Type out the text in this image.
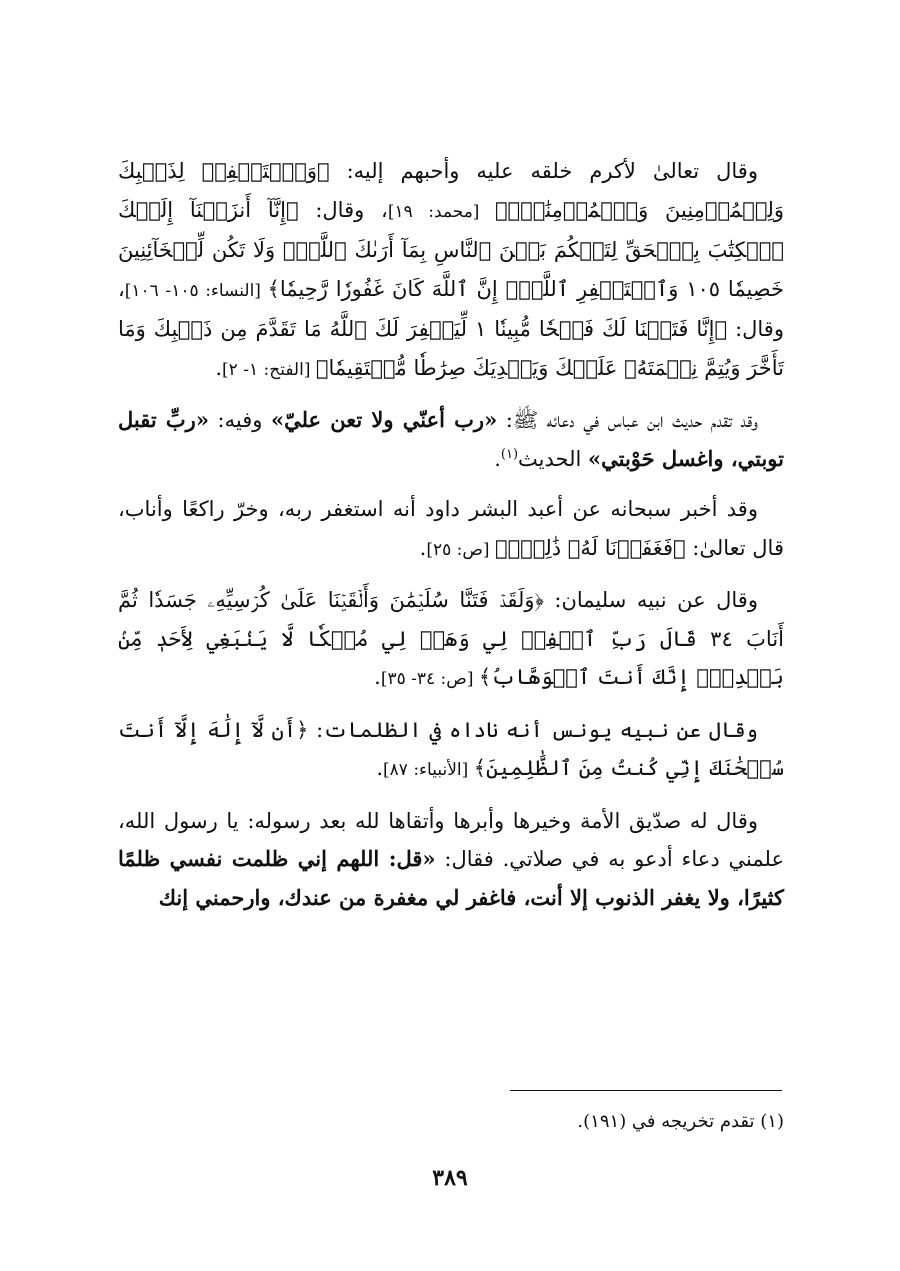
وقال تعالىٰ لأكرم خلقه عليه وأحبهم إليه: ﴿وَٱسۡتَغۡفِرۡ لِذَنۢبِكَ وَلِلۡمُؤۡمِنِينَ وَٱلۡمُؤۡمِنَٰتِۗ﴾ [محمد: ١٩]، وقال: ﴿إِنَّآ أَنزَلۡنَآ إِلَيۡكَ ٱلۡكِتَٰبَ بِٱلۡحَقِّ لِتَحۡكُمَ بَيۡنَ ٱلنَّاسِ بِمَآ أَرَىٰكَ ٱللَّهُۚ وَلَا تَكُن لِّلۡخَآئِنِينَ خَصِيمٗا ١٠٥ وَٱسۡتَغۡفِرِ ٱللَّهَۖ إِنَّ ٱللَّهَ كَانَ غَفُورٗا رَّحِيمٗا﴾ [النساء: ١٠٥- ١٠٦]، وقال: ﴿إِنَّا فَتَحۡنَا لَكَ فَتۡحٗا مُّبِينٗا ١ لِّيَغۡفِرَ لَكَ ٱللَّهُ مَا تَقَدَّمَ مِن ذَنۢبِكَ وَمَا تَأَخَّرَ وَيُتِمَّ نِعۡمَتَهُۥ عَلَيۡكَ وَيَهۡدِيَكَ صِرَٰطٗا مُّسۡتَقِيمٗا﴾ [الفتح: ١- ٢].

وقد تقدم حديث ابن عباس في دعائه ﷺ: «رب أعنّي ولا تعن عليّ» وفيه: «ربِّ تقبل توبتي، واغسل حَوْبتي» الحديث$^{(١)}$.

وقد أخبر سبحانه عن أعبد البشر داود أنه استغفر ربه، وخرّ راكعًا وأناب، قال تعالىٰ: ﴿فَغَفَرۡنَا لَهُۥ ذَٰلِكَۖ﴾ [ص: ٢٥].

وقال عن نبيه سليمان: ﴿وَلَقَدۡ فَتَنَّا سُلَيۡمَٰنَ وَأَلۡقَيۡنَا عَلَىٰ كُرۡسِيِّهِۦ جَسَدٗا ثُمَّ أَنَابَ ٣٤ قَالَ رَبِّ ٱغۡفِرۡ لِي وَهَبۡ لِي مُلۡكٗا لَّا يَنۢبَغِي لِأَحَدٖ مِّنۢ بَعۡدِيٓۖ إِنَّكَ أَنتَ ٱلۡوَهَّابُ﴾ [ص: ٣٤- ٣٥].

وقال عن نبيه يونس أنه ناداه في الظلمات: ﴿أَن لَّآ إِلَٰهَ إِلَّآ أَنتَ سُبۡحَٰنَكَ إِنِّي كُنتُ مِنَ ٱلظَّٰلِمِينَ﴾ [الأنبياء: ٨٧].

وقال له صدّيق الأمة وخيرها وأبرها وأتقاها لله بعد رسوله: يا رسول الله، علمني دعاء أدعو به في صلاتي. فقال: «قل: اللهم إني ظلمت نفسي ظلمًا كثيرًا، ولا يغفر الذنوب إلا أنت، فاغفر لي مغفرة من عندك، وارحمني إنك

(١) تقدم تخريجه في (١٩١).
٣٨٩
